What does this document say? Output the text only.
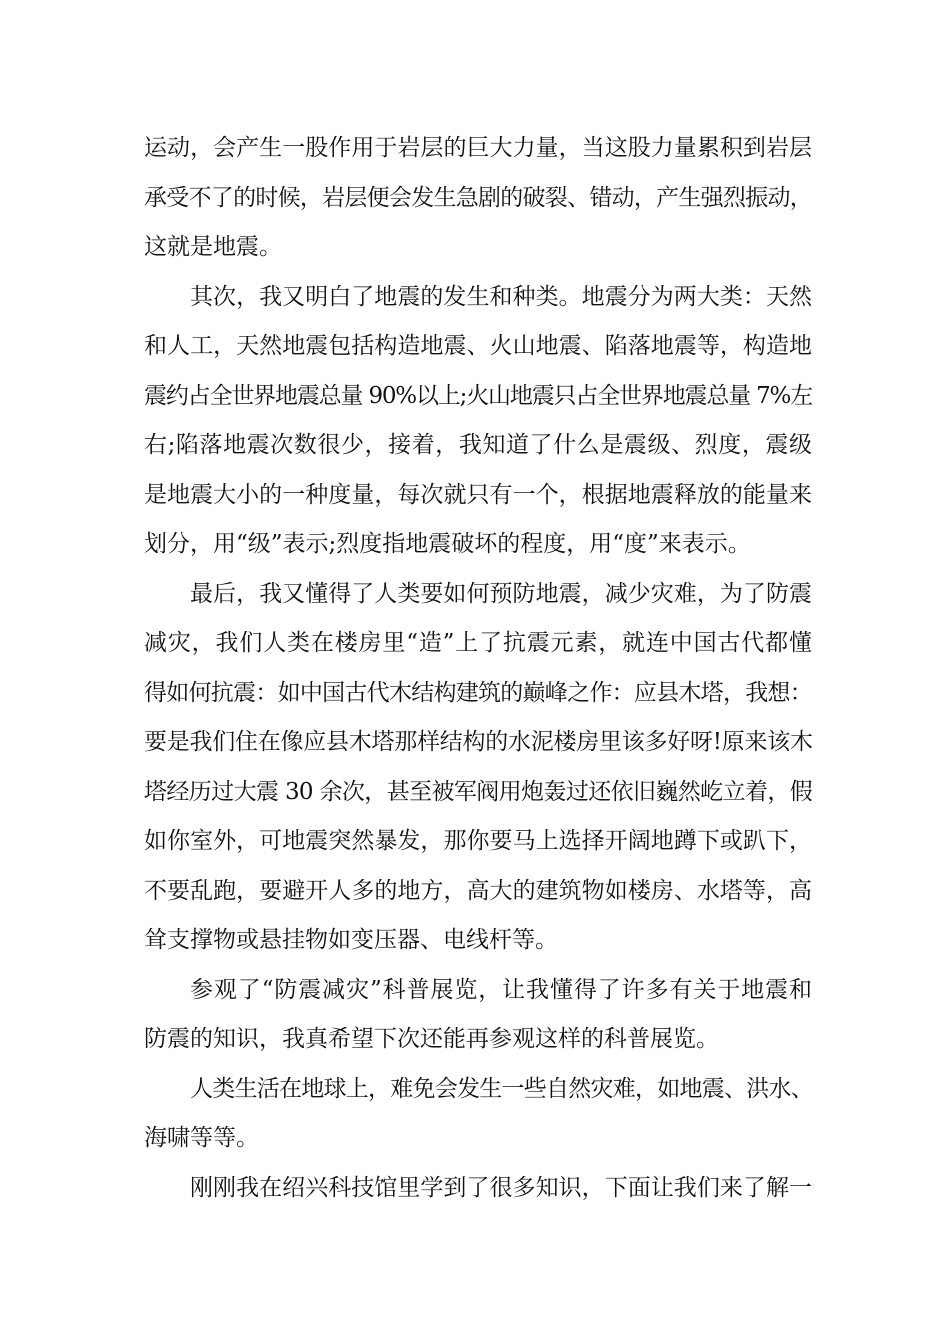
运动，会产生一股作用于岩层的巨大力量，当这股力量累积到岩层
承受不了的时候，岩层便会发生急剧的破裂、错动，产生强烈振动，
这就是地震。

其次，我又明白了地震的发生和种类。地震分为两大类：天然
和人工，天然地震包括构造地震、火山地震、陷落地震等，构造地
震约占全世界地震总量 90%以上;火山地震只占全世界地震总量 7%左
右;陷落地震次数很少，接着，我知道了什么是震级、烈度，震级
是地震大小的一种度量，每次就只有一个，根据地震释放的能量来
划分，用“级”表示;烈度指地震破坏的程度，用“度”来表示。

最后，我又懂得了人类要如何预防地震，减少灾难，为了防震
减灾，我们人类在楼房里“造”上了抗震元素，就连中国古代都懂
得如何抗震：如中国古代木结构建筑的巅峰之作：应县木塔，我想：
要是我们住在像应县木塔那样结构的水泥楼房里该多好呀!原来该木
塔经历过大震 30 余次，甚至被军阀用炮轰过还依旧巍然屹立着，假
如你室外，可地震突然暴发，那你要马上选择开阔地蹲下或趴下，
不要乱跑，要避开人多的地方，高大的建筑物如楼房、水塔等，高
耸支撑物或悬挂物如变压器、电线杆等。

参观了“防震减灾”科普展览，让我懂得了许多有关于地震和
防震的知识，我真希望下次还能再参观这样的科普展览。

人类生活在地球上，难免会发生一些自然灾难，如地震、洪水、
海啸等等。

刚刚我在绍兴科技馆里学到了很多知识，下面让我们来了解一
